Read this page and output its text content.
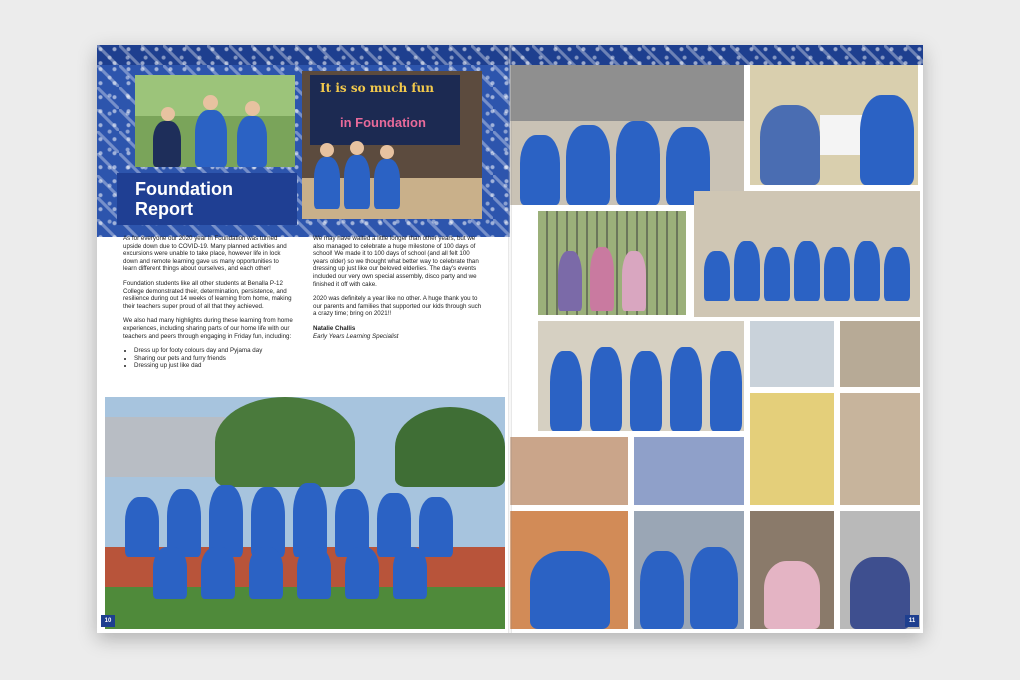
It is so much fun
in Foundation
Foundation
Report

As for everyone our 2020 year in Foundation was turned upside down due to COVID-19. Many planned activities and excursions were unable to take place, however life in lock down and remote learning gave us many opportunities to learn different things about ourselves, and each other!

Foundation students like all other students at Benalla P-12 College demonstrated their, determination, persistence, and resilience during out 14 weeks of learning from home, making their teachers super proud of all that they achieved.

We also had many highlights during these learning from home experiences, including sharing parts of our home life with our teachers and peers through engaging in Friday fun, including:

• Dress up for footy colours day and Pyjama day
• Sharing our pets and furry friends
• Dressing up just like dad

We may have waited a little longer than other years, but we also managed to celebrate a huge milestone of 100 days of school! We made it to 100 days of school (and all felt 100 years older) so we thought what better way to celebrate than dressing up just like our beloved elderlies. The day's events included our very own special assembly, disco party and we finished it off with cake.

2020 was definitely a year like no other. A huge thank you to our parents and families that supported our kids through such a crazy time; bring on 2021!!

Natalie Challis
Early Years Learning Specialist
10	11
